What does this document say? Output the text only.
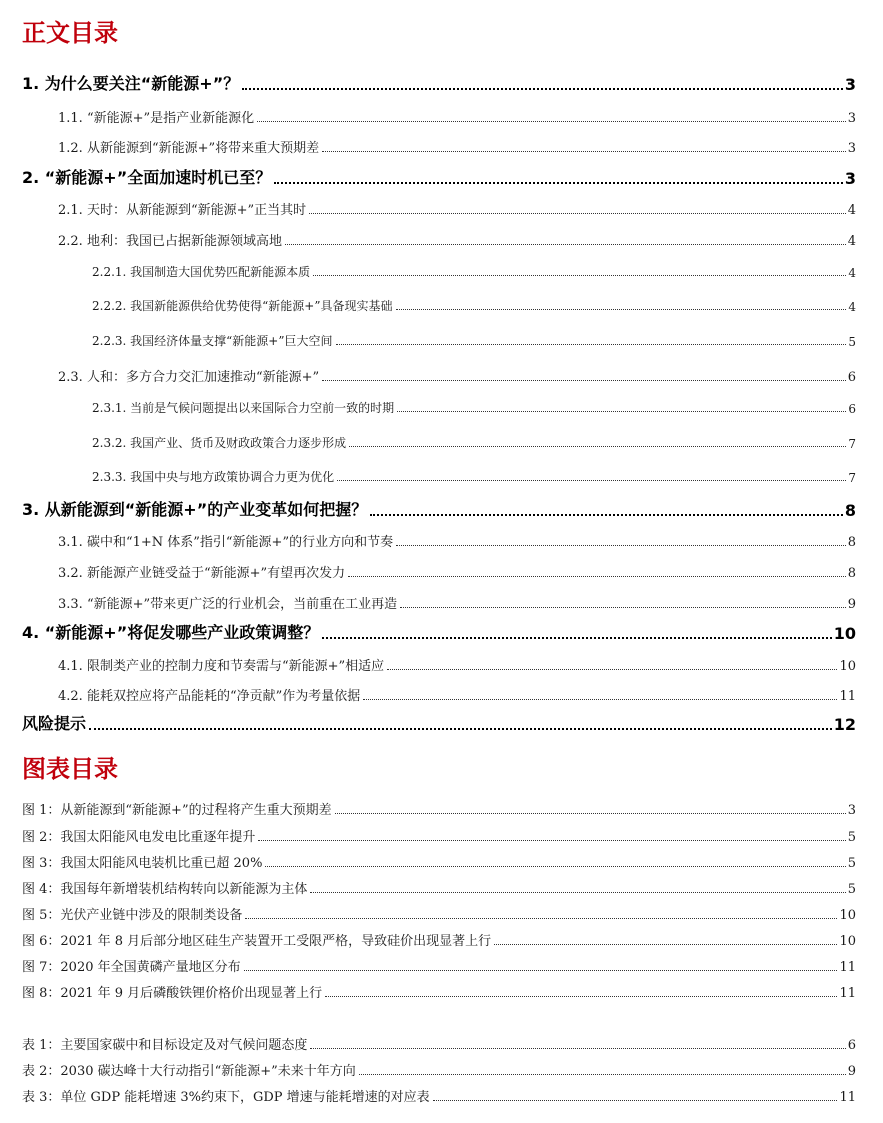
正文目录
1. 为什么要关注“新能源+”？	3
1.1. “新能源+”是指产业新能源化	3
1.2. 从新能源到“新能源+”将带来重大预期差	3
2. “新能源+”全面加速时机已至？	3
2.1. 天时：从新能源到“新能源+”正当其时	4
2.2. 地利：我国已占据新能源领域高地	4
2.2.1. 我国制造大国优势匹配新能源本质	4
2.2.2. 我国新能源供给优势使得“新能源+”具备现实基础	4
2.2.3. 我国经济体量支撑“新能源+”巨大空间	5
2.3. 人和：多方合力交汇加速推动“新能源+”	6
2.3.1. 当前是气候问题提出以来国际合力空前一致的时期	6
2.3.2. 我国产业、货币及财政政策合力逐步形成	7
2.3.3. 我国中央与地方政策协调合力更为优化	7
3. 从新能源到“新能源+”的产业变革如何把握？	8
3.1. 碳中和“1+N 体系”指引“新能源+”的行业方向和节奏	8
3.2. 新能源产业链受益于“新能源+”有望再次发力	8
3.3. “新能源+”带来更广泛的行业机会，当前重在工业再造	9
4. “新能源+”将促发哪些产业政策调整？	10
4.1. 限制类产业的控制力度和节奏需与“新能源+”相适应	10
4.2. 能耗双控应将产品能耗的“净贡献”作为考量依据	11
风险提示	12
图表目录
图 1：从新能源到“新能源+”的过程将产生重大预期差	3
图 2：我国太阳能风电发电比重逐年提升	5
图 3：我国太阳能风电装机比重已超 20%	5
图 4：我国每年新增装机结构转向以新能源为主体	5
图 5：光伏产业链中涉及的限制类设备	10
图 6：2021 年 8 月后部分地区硅生产装置开工受限严格，导致硅价出现显著上行	10
图 7：2020 年全国黄磷产量地区分布	11
图 8：2021 年 9 月后磷酸铁锂价格价出现显著上行	11
表 1：主要国家碳中和目标设定及对气候问题态度	6
表 2：2030 碳达峰十大行动指引“新能源+”未来十年方向	9
表 3：单位 GDP 能耗增速 3%约束下，GDP 增速与能耗增速的对应表	11
